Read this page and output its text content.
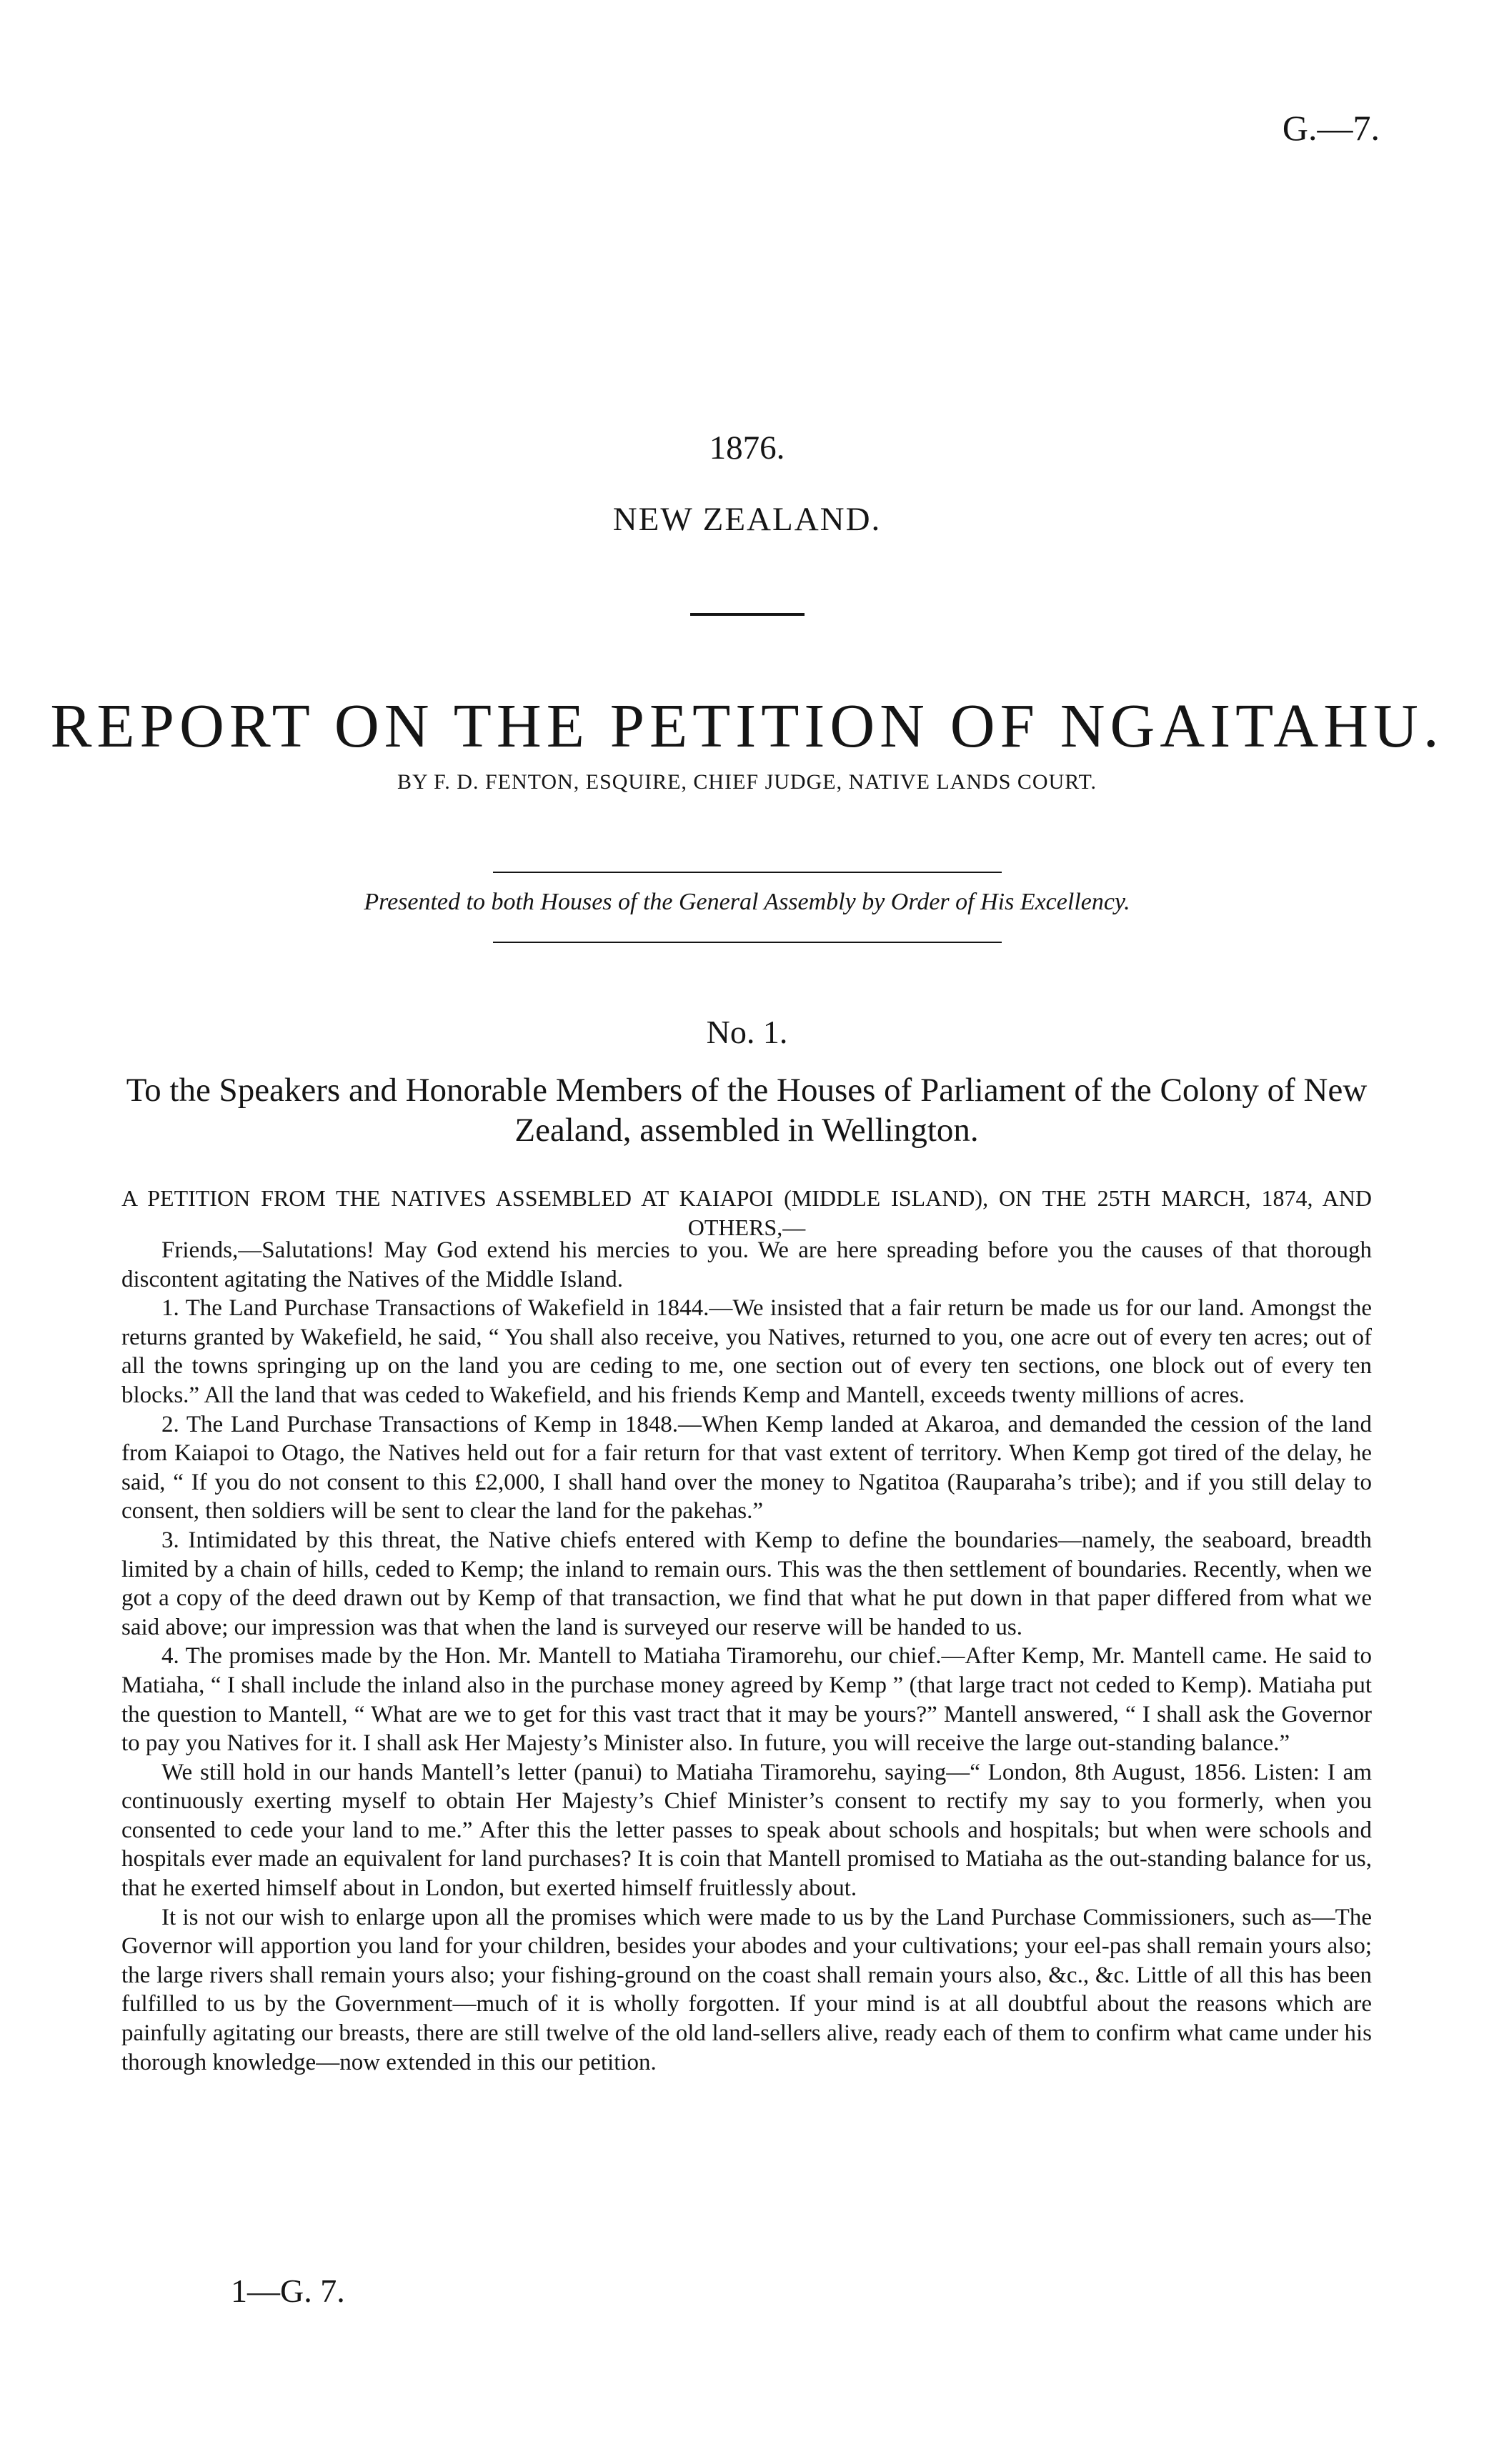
G.—7.

1876.

NEW ZEALAND.

REPORT ON THE PETITION OF NGAITAHU.

BY F. D. FENTON, ESQUIRE, CHIEF JUDGE, NATIVE LANDS COURT.

Presented to both Houses of the General Assembly by Order of His Excellency.

No. 1.

To the Speakers and Honorable Members of the Houses of Parliament of the Colony of New Zealand, assembled in Wellington.

A PETITION FROM THE NATIVES ASSEMBLED AT KAIAPOI (MIDDLE ISLAND), ON THE 25TH MARCH, 1874, AND OTHERS,—

Friends,—Salutations! May God extend his mercies to you. We are here spreading before you the causes of that thorough discontent agitating the Natives of the Middle Island.

1. The Land Purchase Transactions of Wakefield in 1844.—We insisted that a fair return be made us for our land. Amongst the returns granted by Wakefield, he said, “ You shall also receive, you Natives, returned to you, one acre out of every ten acres; out of all the towns springing up on the land you are ceding to me, one section out of every ten sections, one block out of every ten blocks.” All the land that was ceded to Wakefield, and his friends Kemp and Mantell, exceeds twenty millions of acres.

2. The Land Purchase Transactions of Kemp in 1848.—When Kemp landed at Akaroa, and demanded the cession of the land from Kaiapoi to Otago, the Natives held out for a fair return for that vast extent of territory. When Kemp got tired of the delay, he said, “ If you do not consent to this £2,000, I shall hand over the money to Ngatitoa (Rauparaha’s tribe); and if you still delay to consent, then soldiers will be sent to clear the land for the pakehas.”

3. Intimidated by this threat, the Native chiefs entered with Kemp to define the boundaries—namely, the seaboard, breadth limited by a chain of hills, ceded to Kemp; the inland to remain ours. This was the then settlement of boundaries. Recently, when we got a copy of the deed drawn out by Kemp of that transaction, we find that what he put down in that paper differed from what we said above; our impression was that when the land is surveyed our reserve will be handed to us.

4. The promises made by the Hon. Mr. Mantell to Matiaha Tiramorehu, our chief.—After Kemp, Mr. Mantell came. He said to Matiaha, “ I shall include the inland also in the purchase money agreed by Kemp ” (that large tract not ceded to Kemp). Matiaha put the question to Mantell, “ What are we to get for this vast tract that it may be yours?” Mantell answered, “ I shall ask the Governor to pay you Natives for it. I shall ask Her Majesty’s Minister also. In future, you will receive the large out-standing balance.”

We still hold in our hands Mantell’s letter (panui) to Matiaha Tiramorehu, saying—“ London, 8th August, 1856. Listen: I am continuously exerting myself to obtain Her Majesty’s Chief Minister’s consent to rectify my say to you formerly, when you consented to cede your land to me.” After this the letter passes to speak about schools and hospitals; but when were schools and hospitals ever made an equivalent for land purchases? It is coin that Mantell promised to Matiaha as the out-standing balance for us, that he exerted himself about in London, but exerted himself fruitlessly about.

It is not our wish to enlarge upon all the promises which were made to us by the Land Purchase Commissioners, such as—The Governor will apportion you land for your children, besides your abodes and your cultivations; your eel-pas shall remain yours also; the large rivers shall remain yours also; your fishing-ground on the coast shall remain yours also, &c., &c. Little of all this has been fulfilled to us by the Government—much of it is wholly forgotten. If your mind is at all doubtful about the reasons which are painfully agitating our breasts, there are still twelve of the old land-sellers alive, ready each of them to confirm what came under his thorough knowledge—now extended in this our petition.

1—G. 7.
